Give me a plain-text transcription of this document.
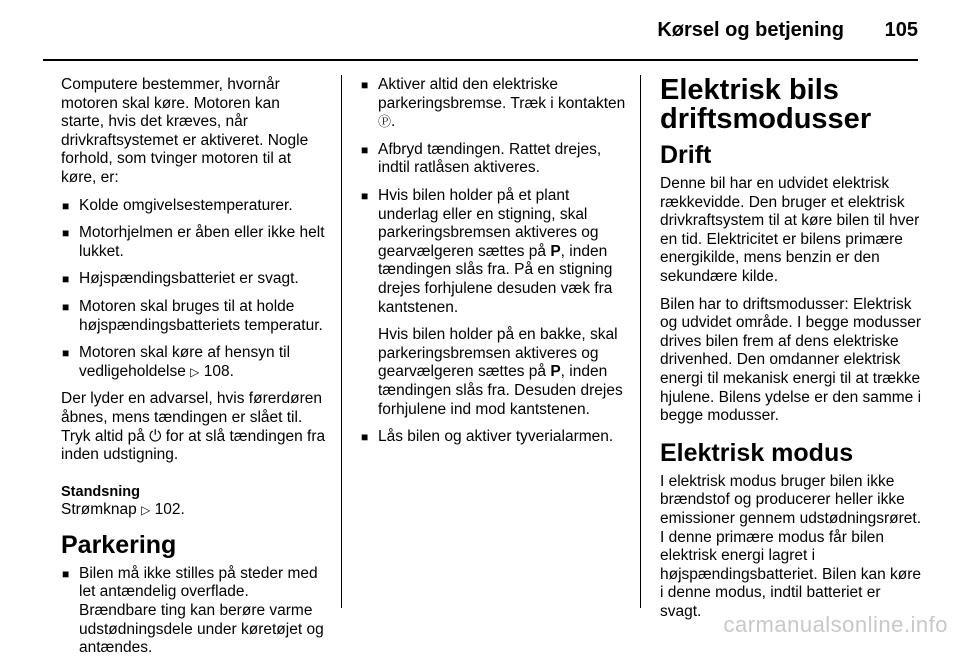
Kørsel og betjening 105

Computere bestemmer, hvornår motoren skal køre. Motoren kan starte, hvis det kræves, når drivkraftsystemet er aktiveret. Nogle forhold, som tvinger motoren til at køre, er:

■ Kolde omgivelsestemperaturer.
■ Motorhjelmen er åben eller ikke helt lukket.
■ Højspændingsbatteriet er svagt.
■ Motoren skal bruges til at holde højspændingsbatteriets temperatur.
■ Motoren skal køre af hensyn til vedligeholdelse ▷ 108.

Der lyder en advarsel, hvis førerdøren åbnes, mens tændingen er slået til. Tryk altid på ⏻ for at slå tændingen fra inden udstigning.

Standsning

Strømknap ▷ 102.

Parkering
■ Bilen må ikke stilles på steder med let antændelig overflade. Brændbare ting kan berøre varme udstødningsdele under køretøjet og antændes.
■ Aktiver altid den elektriske parkeringsbremse. Træk i kontakten Ⓟ.
■ Afbryd tændingen. Rattet drejes, indtil ratlåsen aktiveres.
■ Hvis bilen holder på et plant underlag eller en stigning, skal parkeringsbremsen aktiveres og gearvælgeren sættes på P, inden tændingen slås fra. På en stigning drejes forhjulene desuden væk fra kantstenen.

Hvis bilen holder på en bakke, skal parkeringsbremsen aktiveres og gearvælgeren sættes på P, inden tændingen slås fra. Desuden drejes forhjulene ind mod kantstenen.

■ Lås bilen og aktiver tyverialarmen.
Elektrisk bils driftsmodusser
Drift

Denne bil har en udvidet elektrisk rækkevidde. Den bruger et elektrisk drivkraftsystem til at køre bilen til hver en tid. Elektricitet er bilens primære energikilde, mens benzin er den sekundære kilde.

Bilen har to driftsmodusser: Elektrisk og udvidet område. I begge modusser drives bilen frem af dens elektriske drivenhed. Den omdanner elektrisk energi til mekanisk energi til at trække hjulene. Bilens ydelse er den samme i begge modusser.

Elektrisk modus

I elektrisk modus bruger bilen ikke brændstof og producerer heller ikke emissioner gennem udstødningsrøret. I denne primære modus får bilen elektrisk energi lagret i højspændingsbatteriet. Bilen kan køre i denne modus, indtil batteriet er svagt.

carmanualsonline.info
